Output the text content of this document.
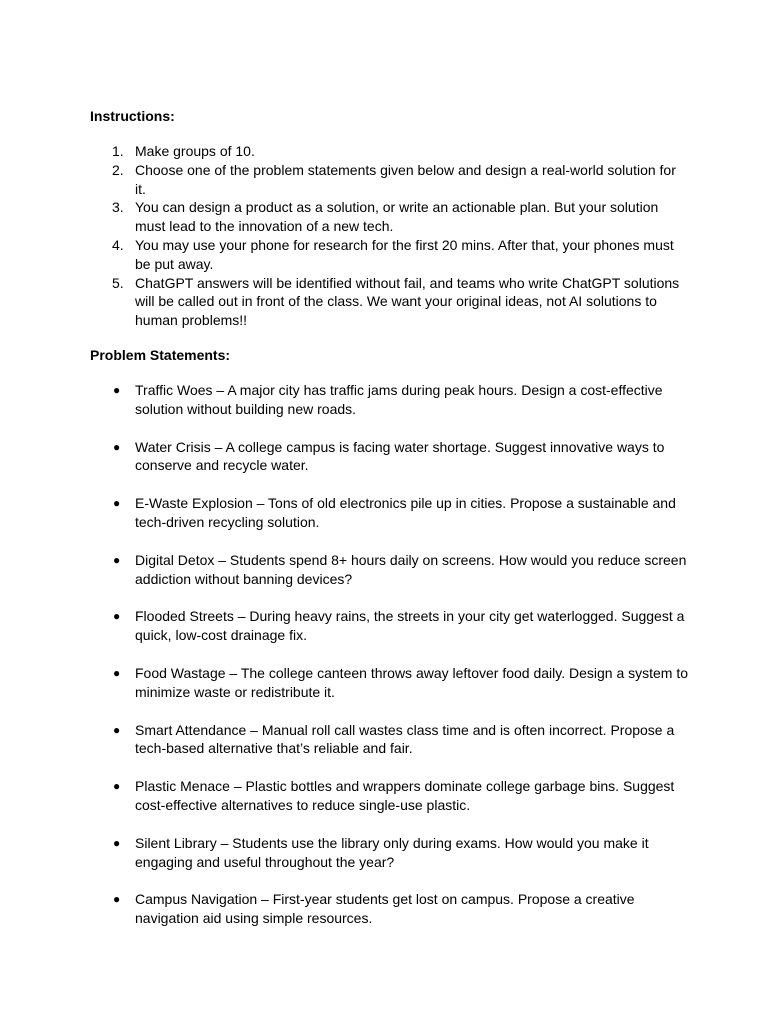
Instructions:

1. Make groups of 10.
2. Choose one of the problem statements given below and design a real-world solution for it.
3. You can design a product as a solution, or write an actionable plan. But your solution must lead to the innovation of a new tech.
4. You may use your phone for research for the first 20 mins. After that, your phones must be put away.
5. ChatGPT answers will be identified without fail, and teams who write ChatGPT solutions will be called out in front of the class. We want your original ideas, not AI solutions to human problems!!

Problem Statements:

● Traffic Woes – A major city has traffic jams during peak hours. Design a cost-effective solution without building new roads.
● Water Crisis – A college campus is facing water shortage. Suggest innovative ways to conserve and recycle water.
● E-Waste Explosion – Tons of old electronics pile up in cities. Propose a sustainable and tech-driven recycling solution.
● Digital Detox – Students spend 8+ hours daily on screens. How would you reduce screen addiction without banning devices?
● Flooded Streets – During heavy rains, the streets in your city get waterlogged. Suggest a quick, low-cost drainage fix.
● Food Wastage – The college canteen throws away leftover food daily. Design a system to minimize waste or redistribute it.
● Smart Attendance – Manual roll call wastes class time and is often incorrect. Propose a tech-based alternative that’s reliable and fair.
● Plastic Menace – Plastic bottles and wrappers dominate college garbage bins. Suggest cost-effective alternatives to reduce single-use plastic.
● Silent Library – Students use the library only during exams. How would you make it engaging and useful throughout the year?
● Campus Navigation – First-year students get lost on campus. Propose a creative navigation aid using simple resources.
